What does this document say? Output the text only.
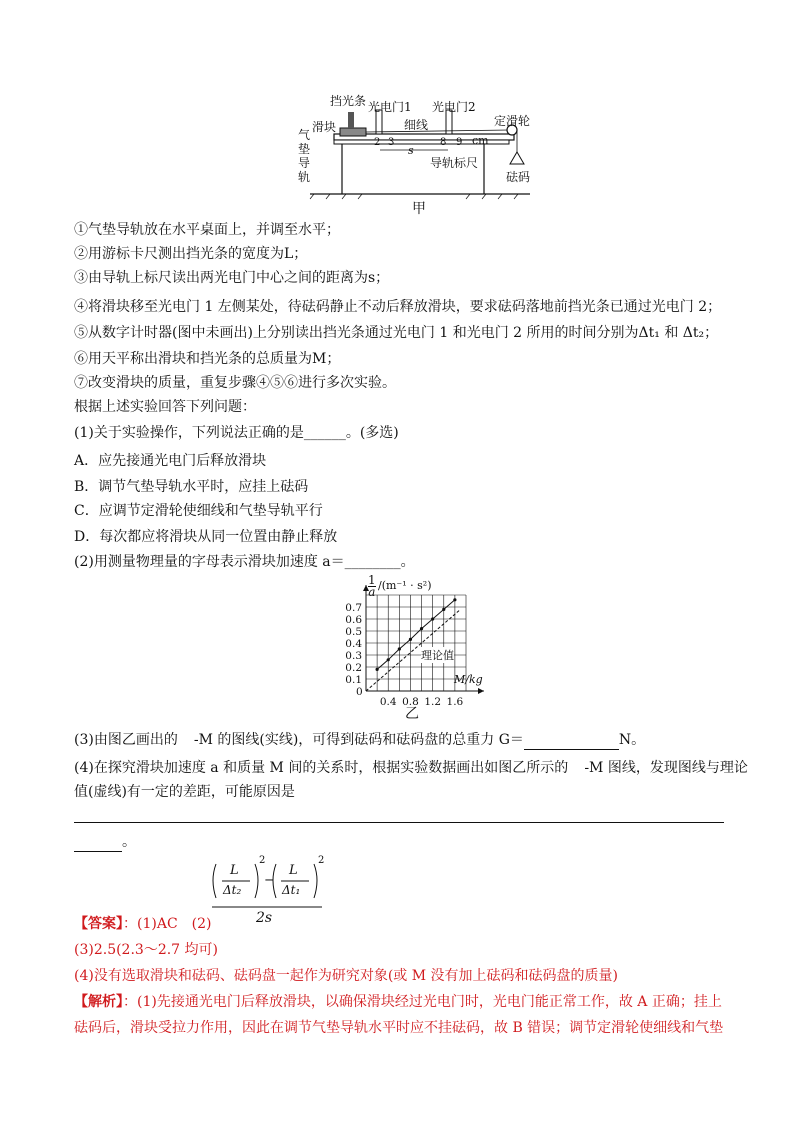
挡光条 光电门1 光电门2
滑块	细线	定滑轮
导轨标尺
cm
砝码
2 3	8 9
s
气
垫
导
轨
甲
①气垫导轨放在水平桌面上，并调至水平；
②用游标卡尺测出挡光条的宽度为L；
③由导轨上标尺读出两光电门中心之间的距离为s；
④将滑块移至光电门 1 左侧某处，待砝码静止不动后释放滑块，要求砝码落地前挡光条已通过光电门 2；
⑤从数字计时器(图中未画出)上分别读出挡光条通过光电门 1 和光电门 2 所用的时间分别为Δt₁ 和 Δt₂；
⑥用天平称出滑块和挡光条的总质量为M；
⑦改变滑块的质量，重复步骤④⑤⑥进行多次实验。
根据上述实验回答下列问题：
(1)关于实验操作，下列说法正确的是______。(多选)
A．应先接通光电门后释放滑块
B．调节气垫导轨水平时，应挂上砝码
C．应调节定滑轮使细线和气垫导轨平行
D．每次都应将滑块从同一位置由静止释放
(2)用测量物理量的字母表示滑块加速度 a＝________。
0
0.1
0.2
0.3
0.4
0.5
0.6
0.7
0.4 0.8 1.2 1.6
$\frac{1}{a} /(m^{-1} \cdot s^2)$
M/kg
理论值
乙
(3)由图乙画出的 -M 的图线(实线)，可得到砝码和砝码盘的总重力 G＝	N。
(4)在探究滑块加速度 a 和质量 M 间的关系时，根据实验数据画出如图乙所示的 -M 图线，发现图线与理论
值(虚线)有一定的差距，可能原因是
。
L
Δt₂
2
−
L
Δt₁
2
2s
【答案】：(1)AC　(2)
(3)2.5(2.3～2.7 均可)
(4)没有选取滑块和砝码、砝码盘一起作为研究对象(或 M 没有加上砝码和砝码盘的质量)
【解析】：(1)先接通光电门后释放滑块，以确保滑块经过光电门时，光电门能正常工作，故 A 正确；挂上
砝码后，滑块受拉力作用，因此在调节气垫导轨水平时应不挂砝码，故 B 错误；调节定滑轮使细线和气垫
